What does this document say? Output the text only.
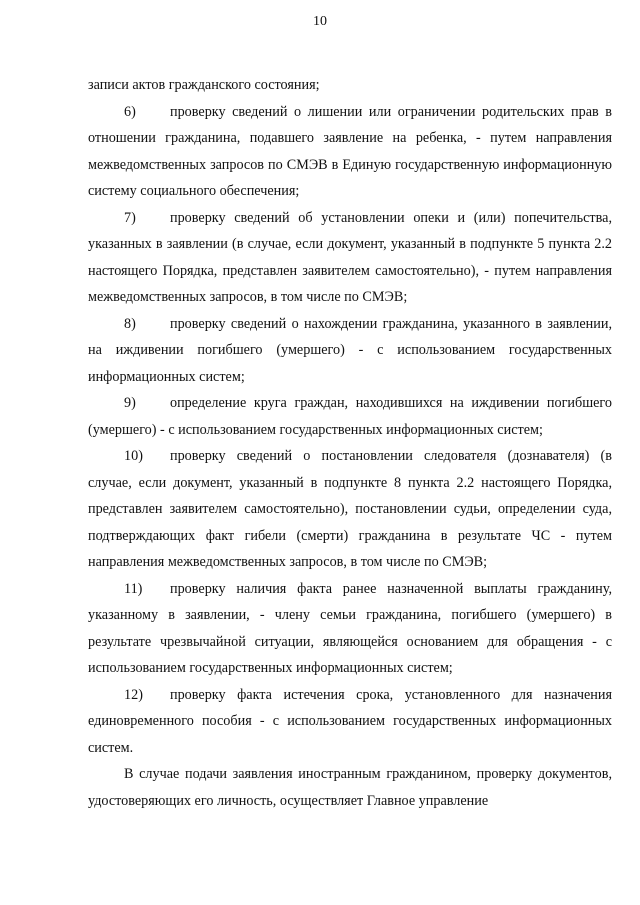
10

записи актов гражданского состояния;

6) проверку сведений о лишении или ограничении родительских прав в отношении гражданина, подавшего заявление на ребенка, - путем направления межведомственных запросов по СМЭВ в Единую государственную информационную систему социального обеспечения;

7) проверку сведений об установлении опеки и (или) попечительства, указанных в заявлении (в случае, если документ, указанный в подпункте 5 пункта 2.2 настоящего Порядка, представлен заявителем самостоятельно), - путем направления межведомственных запросов, в том числе по СМЭВ;

8) проверку сведений о нахождении гражданина, указанного в заявлении, на иждивении погибшего (умершего) - с использованием государственных информационных систем;

9) определение круга граждан, находившихся на иждивении погибшего (умершего) - с использованием государственных информационных систем;

10) проверку сведений о постановлении следователя (дознавателя) (в случае, если документ, указанный в подпункте 8 пункта 2.2 настоящего Порядка, представлен заявителем самостоятельно), постановлении судьи, определении суда, подтверждающих факт гибели (смерти) гражданина в результате ЧС - путем направления межведомственных запросов, в том числе по СМЭВ;

11) проверку наличия факта ранее назначенной выплаты гражданину, указанному в заявлении, - члену семьи гражданина, погибшего (умершего) в результате чрезвычайной ситуации, являющейся основанием для обращения - с использованием государственных информационных систем;

12) проверку факта истечения срока, установленного для назначения единовременного пособия - с использованием государственных информационных систем.

В случае подачи заявления иностранным гражданином, проверку документов, удостоверяющих его личность, осуществляет Главное управление
